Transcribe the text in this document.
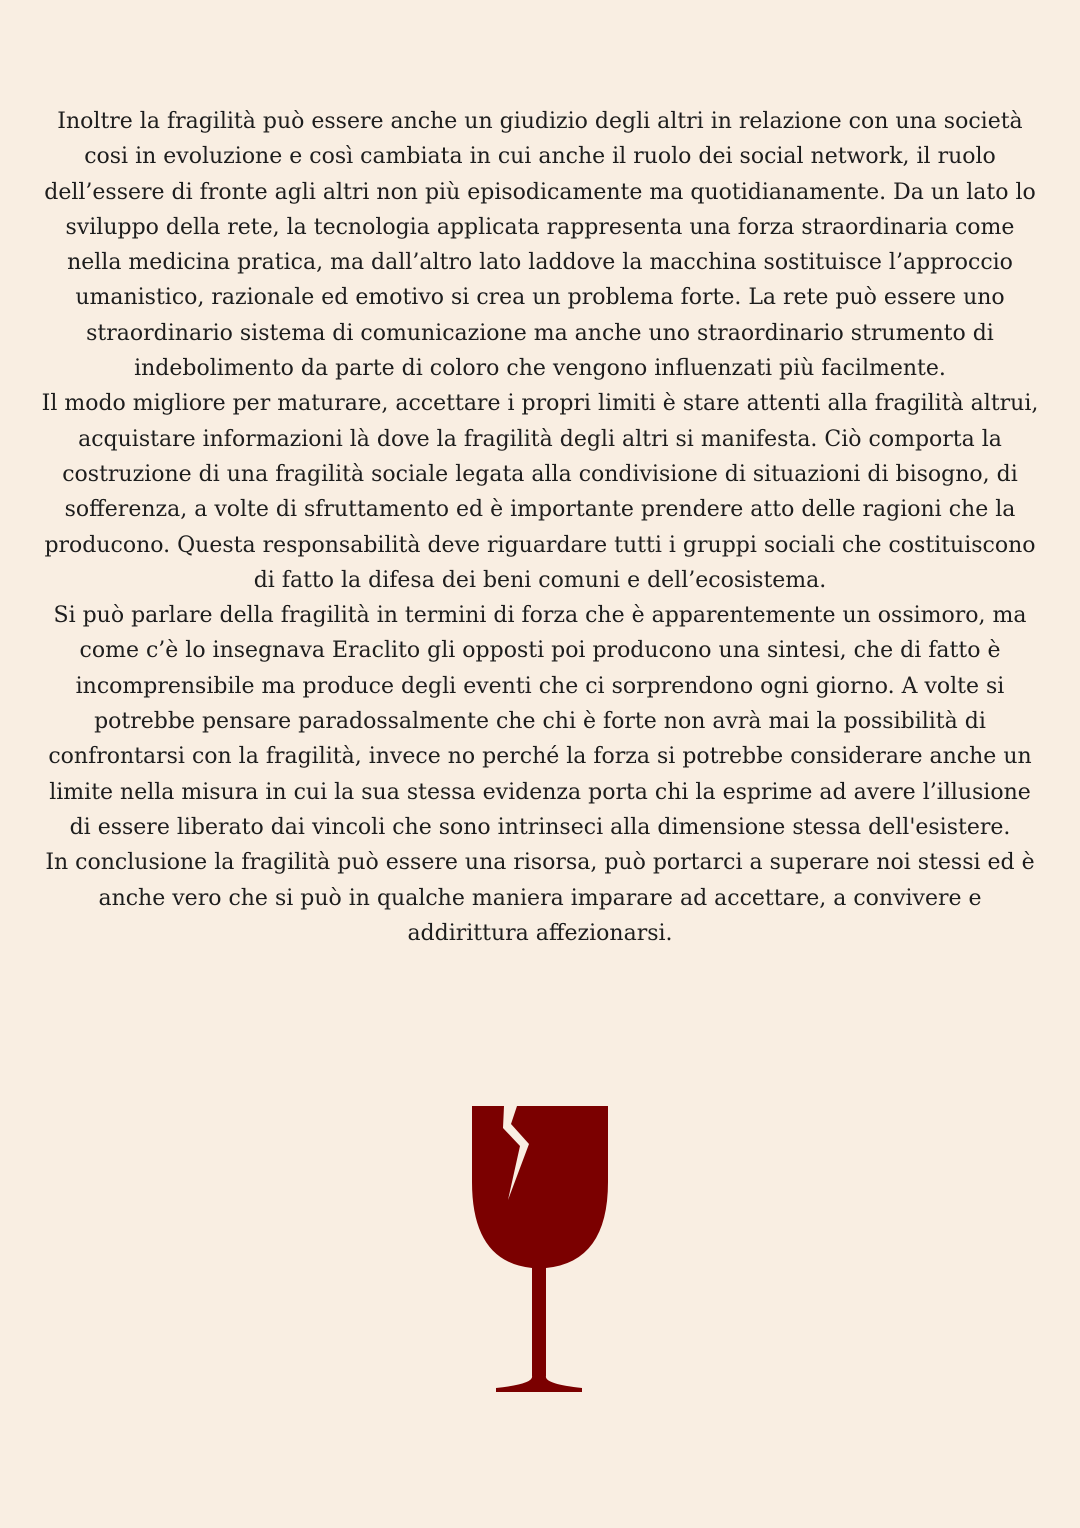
Inoltre la fragilità può essere anche un giudizio degli altri in relazione con una società cosi in evoluzione e così cambiata in cui anche il ruolo dei social network, il ruolo dell’essere di fronte agli altri non più episodicamente ma quotidianamente. Da un lato lo sviluppo della rete, la tecnologia applicata rappresenta una forza straordinaria come nella medicina pratica, ma dall’altro lato laddove la macchina sostituisce l’approccio umanistico, razionale ed emotivo si crea un problema forte. La rete può essere uno straordinario sistema di comunicazione ma anche uno straordinario strumento di indebolimento da parte di coloro che vengono influenzati più facilmente.

Il modo migliore per maturare, accettare i propri limiti è stare attenti alla fragilità altrui, acquistare informazioni là dove la fragilità degli altri si manifesta. Ciò comporta la costruzione di una fragilità sociale legata alla condivisione di situazioni di bisogno, di sofferenza, a volte di sfruttamento ed è importante prendere atto delle ragioni che la producono. Questa responsabilità deve riguardare tutti i gruppi sociali che costituiscono di fatto la difesa dei beni comuni e dell’ecosistema.

Si può parlare della fragilità in termini di forza che è apparentemente un ossimoro, ma come c’è lo insegnava Eraclito gli opposti poi producono una sintesi, che di fatto è incomprensibile ma produce degli eventi che ci sorprendono ogni giorno. A volte si potrebbe pensare paradossalmente che chi è forte non avrà mai la possibilità di confrontarsi con la fragilità, invece no perché la forza si potrebbe considerare anche un limite nella misura in cui la sua stessa evidenza porta chi la esprime ad avere l’illusione di essere liberato dai vincoli che sono intrinseci alla dimensione stessa dell'esistere.

In conclusione la fragilità può essere una risorsa, può portarci a superare noi stessi ed è anche vero che si può in qualche maniera imparare ad accettare, a convivere e addirittura affezionarsi.
